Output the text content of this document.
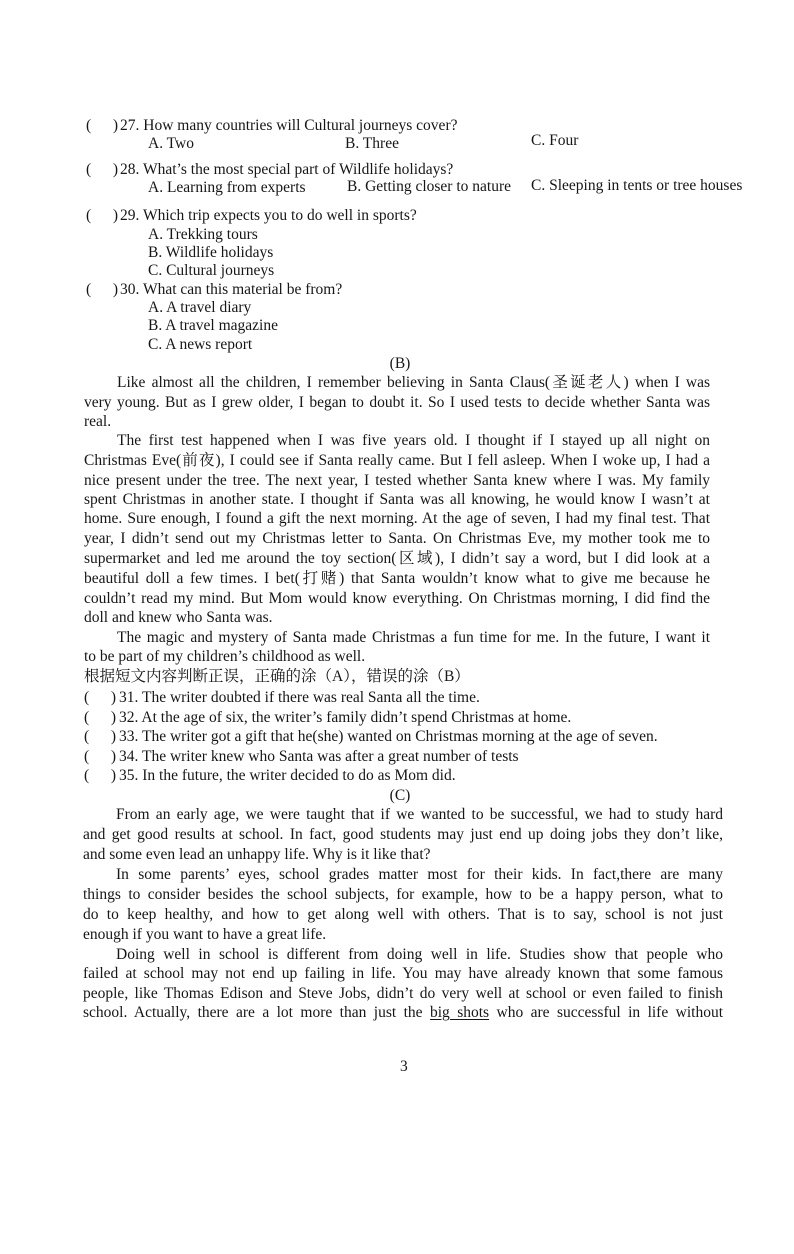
( ) 27. How many countries will Cultural journeys cover?
A. Two	B. Three	C. Four
( ) 28. What’s the most special part of Wildlife holidays?
A. Learning from experts	B. Getting closer to nature C. Sleeping in tents or tree houses
( ) 29. Which trip expects you to do well in sports?
A. Trekking tours
B. Wildlife holidays
C. Cultural journeys
( ) 30. What can this material be from?
A. A travel diary
B. A travel magazine
C. A news report
(B)
Like almost all the children, I remember believing in Santa Claus(圣诞老人) when I was
very young. But as I grew older, I began to doubt it. So I used tests to decide whether Santa was
real.
The first test happened when I was five years old. I thought if I stayed up all night on
Christmas Eve(前夜), I could see if Santa really came. But I fell asleep. When I woke up, I had a
nice present under the tree. The next year, I tested whether Santa knew where I was. My family
spent Christmas in another state. I thought if Santa was all knowing, he would know I wasn’t at
home. Sure enough, I found a gift the next morning. At the age of seven, I had my final test. That
year, I didn’t send out my Christmas letter to Santa. On Christmas Eve, my mother took me to
supermarket and led me around the toy section(区域), I didn’t say a word, but I did look at a
beautiful doll a few times. I bet(打赌) that Santa wouldn’t know what to give me because he
couldn’t read my mind. But Mom would know everything. On Christmas morning, I did find the
doll and knew who Santa was.
The magic and mystery of Santa made Christmas a fun time for me. In the future, I want it
to be part of my children’s childhood as well.
根据短文内容判断正误，正确的涂（A），错误的涂（B）
( ) 31. The writer doubted if there was real Santa all the time.
( ) 32. At the age of six, the writer’s family didn’t spend Christmas at home.
( ) 33. The writer got a gift that he(she) wanted on Christmas morning at the age of seven.
( ) 34. The writer knew who Santa was after a great number of tests
( ) 35. In the future, the writer decided to do as Mom did.
(C)
From an early age, we were taught that if we wanted to be successful, we had to study hard
and get good results at school. In fact, good students may just end up doing jobs they don’t like,
and some even lead an unhappy life. Why is it like that?
In some parents’ eyes, school grades matter most for their kids. In fact,there are many
things to consider besides the school subjects, for example, how to be a happy person, what to
do to keep healthy, and how to get along well with others. That is to say, school is not just
enough if you want to have a great life.
Doing well in school is different from doing well in life. Studies show that people who
failed at school may not end up failing in life. You may have already known that some famous
people, like Thomas Edison and Steve Jobs, didn’t do very well at school or even failed to finish
school. Actually, there are a lot more than just the big shots who are successful in life without
3
